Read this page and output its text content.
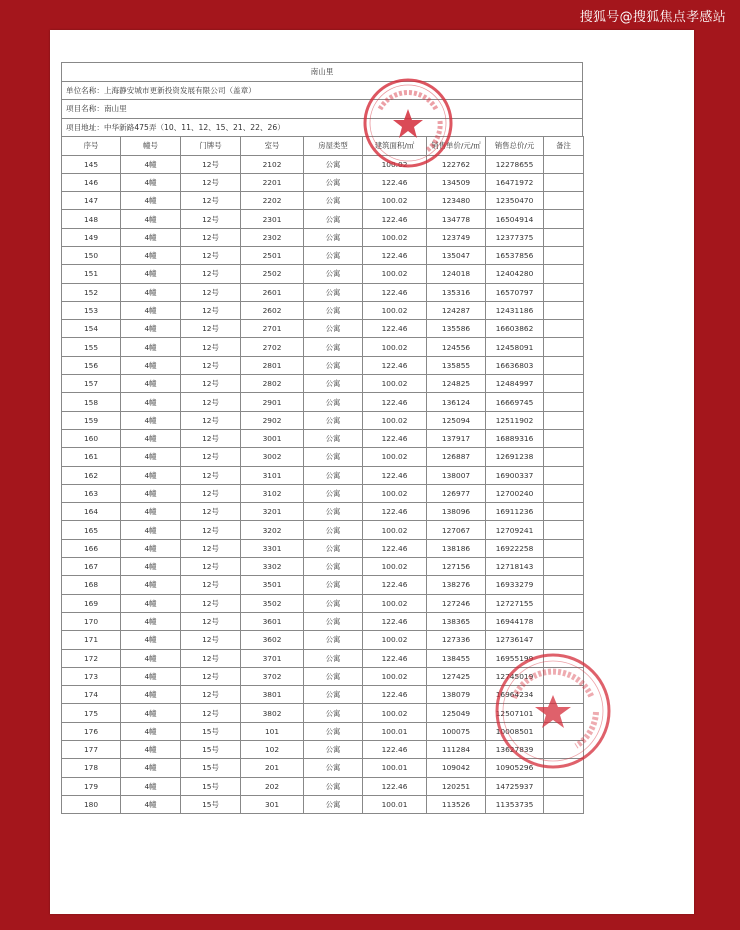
搜狐号@搜狐焦点孝感站
南山里
单位名称：上海静安城市更新投资发展有限公司（盖章）
项目名称：南山里
项目地址：中华新路475弄（10、11、12、15、21、22、26）
序号	幢号	门牌号	室号	房屋类型	建筑面积/㎡	销售单价/元/㎡	销售总价/元	备注
145	4幢	12号	2102	公寓	100.02	122762	12278655	
146	4幢	12号	2201	公寓	122.46	134509	16471972	
147	4幢	12号	2202	公寓	100.02	123480	12350470	
148	4幢	12号	2301	公寓	122.46	134778	16504914	
149	4幢	12号	2302	公寓	100.02	123749	12377375	
150	4幢	12号	2501	公寓	122.46	135047	16537856	
151	4幢	12号	2502	公寓	100.02	124018	12404280	
152	4幢	12号	2601	公寓	122.46	135316	16570797	
153	4幢	12号	2602	公寓	100.02	124287	12431186	
154	4幢	12号	2701	公寓	122.46	135586	16603862	
155	4幢	12号	2702	公寓	100.02	124556	12458091	
156	4幢	12号	2801	公寓	122.46	135855	16636803	
157	4幢	12号	2802	公寓	100.02	124825	12484997	
158	4幢	12号	2901	公寓	122.46	136124	16669745	
159	4幢	12号	2902	公寓	100.02	125094	12511902	
160	4幢	12号	3001	公寓	122.46	137917	16889316	
161	4幢	12号	3002	公寓	100.02	126887	12691238	
162	4幢	12号	3101	公寓	122.46	138007	16900337	
163	4幢	12号	3102	公寓	100.02	126977	12700240	
164	4幢	12号	3201	公寓	122.46	138096	16911236	
165	4幢	12号	3202	公寓	100.02	127067	12709241	
166	4幢	12号	3301	公寓	122.46	138186	16922258	
167	4幢	12号	3302	公寓	100.02	127156	12718143	
168	4幢	12号	3501	公寓	122.46	138276	16933279	
169	4幢	12号	3502	公寓	100.02	127246	12727155	
170	4幢	12号	3601	公寓	122.46	138365	16944178	
171	4幢	12号	3602	公寓	100.02	127336	12736147	
172	4幢	12号	3701	公寓	122.46	138455	16955199	
173	4幢	12号	3702	公寓	100.02	127425	12745019	
174	4幢	12号	3801	公寓	122.46	138079	16964234	
175	4幢	12号	3802	公寓	100.02	125049	12507101	
176	4幢	15号	101	公寓	100.01	100075	10008501	
177	4幢	15号	102	公寓	122.46	111284	13627839	
178	4幢	15号	201	公寓	100.01	109042	10905296	
179	4幢	15号	202	公寓	122.46	120251	14725937	
180	4幢	15号	301	公寓	100.01	113526	11353735	
